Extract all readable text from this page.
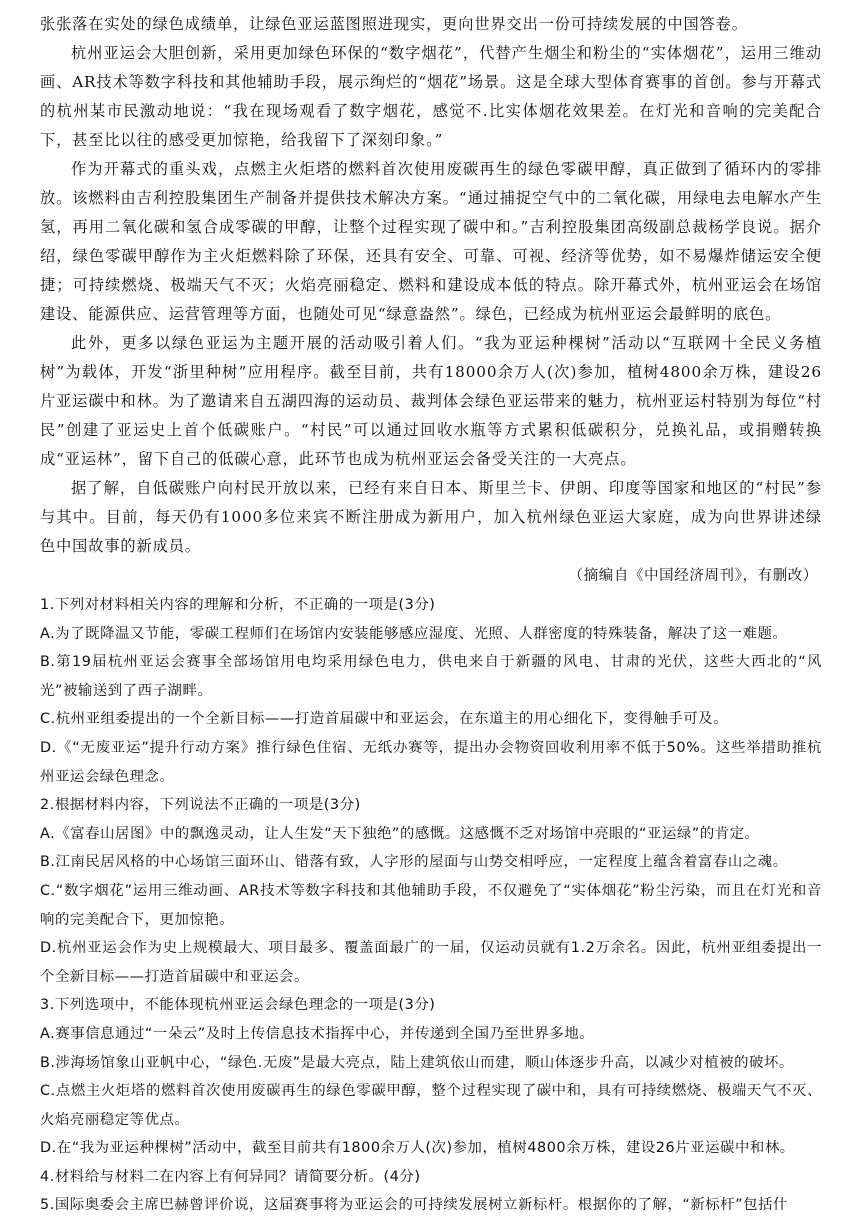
张张落在实处的绿色成绩单，让绿色亚运蓝图照进现实，更向世界交出一份可持续发展的中国答卷。

杭州亚运会大胆创新，采用更加绿色环保的“数字烟花”，代替产生烟尘和粉尘的“实体烟花”，运用三维动画、AR技术等数字科技和其他辅助手段，展示绚烂的“烟花”场景。这是全球大型体育赛事的首创。参与开幕式的杭州某市民激动地说：“我在现场观看了数字烟花，感觉不.比实体烟花效果差。在灯光和音响的完美配合下，甚至比以往的感受更加惊艳，给我留下了深刻印象。”

作为开幕式的重头戏，点燃主火炬塔的燃料首次使用废碳再生的绿色零碳甲醇，真正做到了循环内的零排放。该燃料由吉利控股集团生产制备并提供技术解决方案。“通过捕捉空气中的二氧化碳，用绿电去电解水产生氢，再用二氧化碳和氢合成零碳的甲醇，让整个过程实现了碳中和。”吉利控股集团高级副总裁杨学良说。据介绍，绿色零碳甲醇作为主火炬燃料除了环保，还具有安全、可靠、可视、经济等优势，如不易爆炸储运安全便捷；可持续燃烧、极端天气不灭；火焰亮丽稳定、燃料和建设成本低的特点。除开幕式外，杭州亚运会在场馆建设、能源供应、运营管理等方面，也随处可见“绿意盎然”。绿色，已经成为杭州亚运会最鲜明的底色。

此外，更多以绿色亚运为主题开展的活动吸引着人们。“我为亚运种棵树”活动以“互联网十全民义务植树”为载体，开发“浙里种树”应用程序。截至目前，共有18000余万人(次)参加，植树4800余万株，建设26片亚运碳中和林。为了邀请来自五湖四海的运动员、裁判体会绿色亚运带来的魅力，杭州亚运村特别为每位“村民”创建了亚运史上首个低碳账户。“村民”可以通过回收水瓶等方式累积低碳积分，兑换礼品，或捐赠转换成“亚运林”，留下自己的低碳心意，此环节也成为杭州亚运会备受关注的一大亮点。

据了解，自低碳账户向村民开放以来，已经有来自日本、斯里兰卡、伊朗、印度等国家和地区的“村民”参与其中。目前，每天仍有1000多位来宾不断注册成为新用户，加入杭州绿色亚运大家庭，成为向世界讲述绿色中国故事的新成员。

（摘编自《中国经济周刊》，有删改）

1.下列对材料相关内容的理解和分析，不正确的一项是(3分)

A.为了既降温又节能，零碳工程师们在场馆内安装能够感应湿度、光照、人群密度的特殊装备，解决了这一难题。

B.第19届杭州亚运会赛事全部场馆用电均采用绿色电力，供电来自于新疆的风电、甘肃的光伏，这些大西北的“风光”被输送到了西子湖畔。

C.杭州亚组委提出的一个全新目标——打造首届碳中和亚运会，在东道主的用心细化下，变得触手可及。

D.《“无废亚运”提升行动方案》推行绿色住宿、无纸办赛等，提出办会物资回收利用率不低于50%。这些举措助推杭州亚运会绿色理念。

2.根据材料内容，下列说法不正确的一项是(3分)

A.《富春山居图》中的飘逸灵动，让人生发“天下独绝”的感慨。这感慨不乏对场馆中亮眼的“亚运绿”的肯定。

B.江南民居风格的中心场馆三面环山、错落有致，人字形的屋面与山势交相呼应，一定程度上蕴含着富春山之魂。

C.“数字烟花”运用三维动画、AR技术等数字科技和其他辅助手段，不仅避免了“实体烟花”粉尘污染，而且在灯光和音响的完美配合下，更加惊艳。

D.杭州亚运会作为史上规模最大、项目最多、覆盖面最广的一届，仅运动员就有1.2万余名。因此，杭州亚组委提出一个全新目标——打造首届碳中和亚运会。

3.下列选项中，不能体现杭州亚运会绿色理念的一项是(3分)

A.赛事信息通过“一朵云”及时上传信息技术指挥中心，并传递到全国乃至世界多地。

B.涉海场馆象山亚帆中心，“绿色.无废”是最大亮点，陆上建筑依山而建，顺山体逐步升高，以减少对植被的破坏。

C.点燃主火炬塔的燃料首次使用废碳再生的绿色零碳甲醇，整个过程实现了碳中和，具有可持续燃烧、极端天气不灭、火焰亮丽稳定等优点。

D.在“我为亚运种棵树”活动中，截至目前共有1800余万人(次)参加，植树4800余万株，建设26片亚运碳中和林。

4.材料给与材料二在内容上有何异同？请简要分析。(4分)

5.国际奥委会主席巴赫曾评价说，这届赛事将为亚运会的可持续发展树立新标杆。根据你的了解，“新标杆”包括什
